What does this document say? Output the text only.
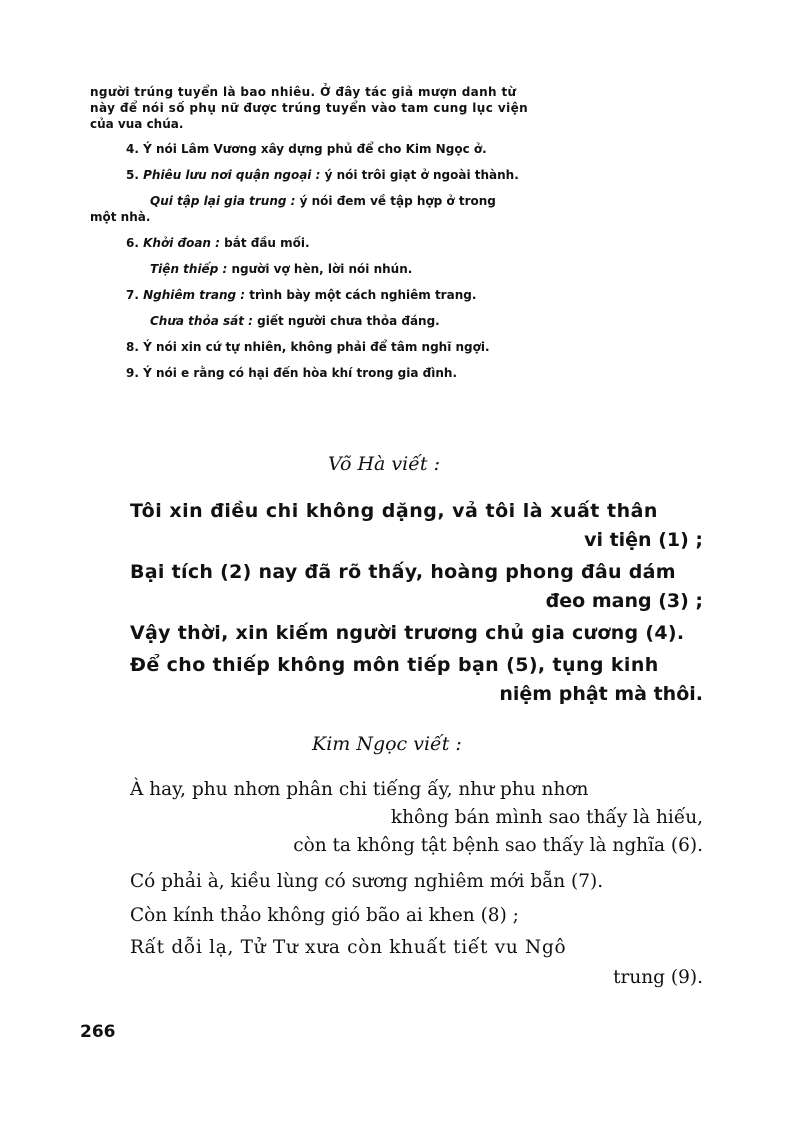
người trúng tuyển là bao nhiêu. Ở đây tác giả mượn danh từ

này để nói số phụ nữ được trúng tuyển vào tam cung lục viện

của vua chúa.

4. Ý nói Lâm Vương xây dựng phủ để cho Kim Ngọc ở.

5. Phiêu lưu nơi quận ngoại : ý nói trôi giạt ở ngoài thành.

Qui tập lại gia trung : ý nói đem về tập hợp ở trong

một nhà.

6. Khởi đoan : bắt đầu mối.

Tiện thiếp : người vợ hèn, lời nói nhún.

7. Nghiêm trang : trình bày một cách nghiêm trang.

Chưa thỏa sát : giết người chưa thỏa đáng.

8. Ý nói xin cứ tự nhiên, không phải để tâm nghĩ ngợi.

9. Ý nói e rằng có hại đến hòa khí trong gia đình.

Võ Hà viết :
Tôi xin điều chi không dặng, vả tôi là xuất thân
vi tiện (1) ;
Bại tích (2) nay đã rõ thấy, hoàng phong đâu dám
đeo mang (3) ;
Vậy thời, xin kiếm người trương chủ gia cương (4).
Để cho thiếp không môn tiếp bạn (5), tụng kinh
niệm phật mà thôi.
Kim Ngọc viết :
À hay, phu nhơn phân chi tiếng ấy, như phu nhơn
không bán mình sao thấy là hiếu,
còn ta không tật bệnh sao thấy là nghĩa (6).
Có phải à, kiều lùng có sương nghiêm mới bẵn (7).
Còn kính thảo không gió bão ai khen (8) ;
Rất dỗi lạ, Tử Tư xưa còn khuất tiết vu Ngô
trung (9).
266
